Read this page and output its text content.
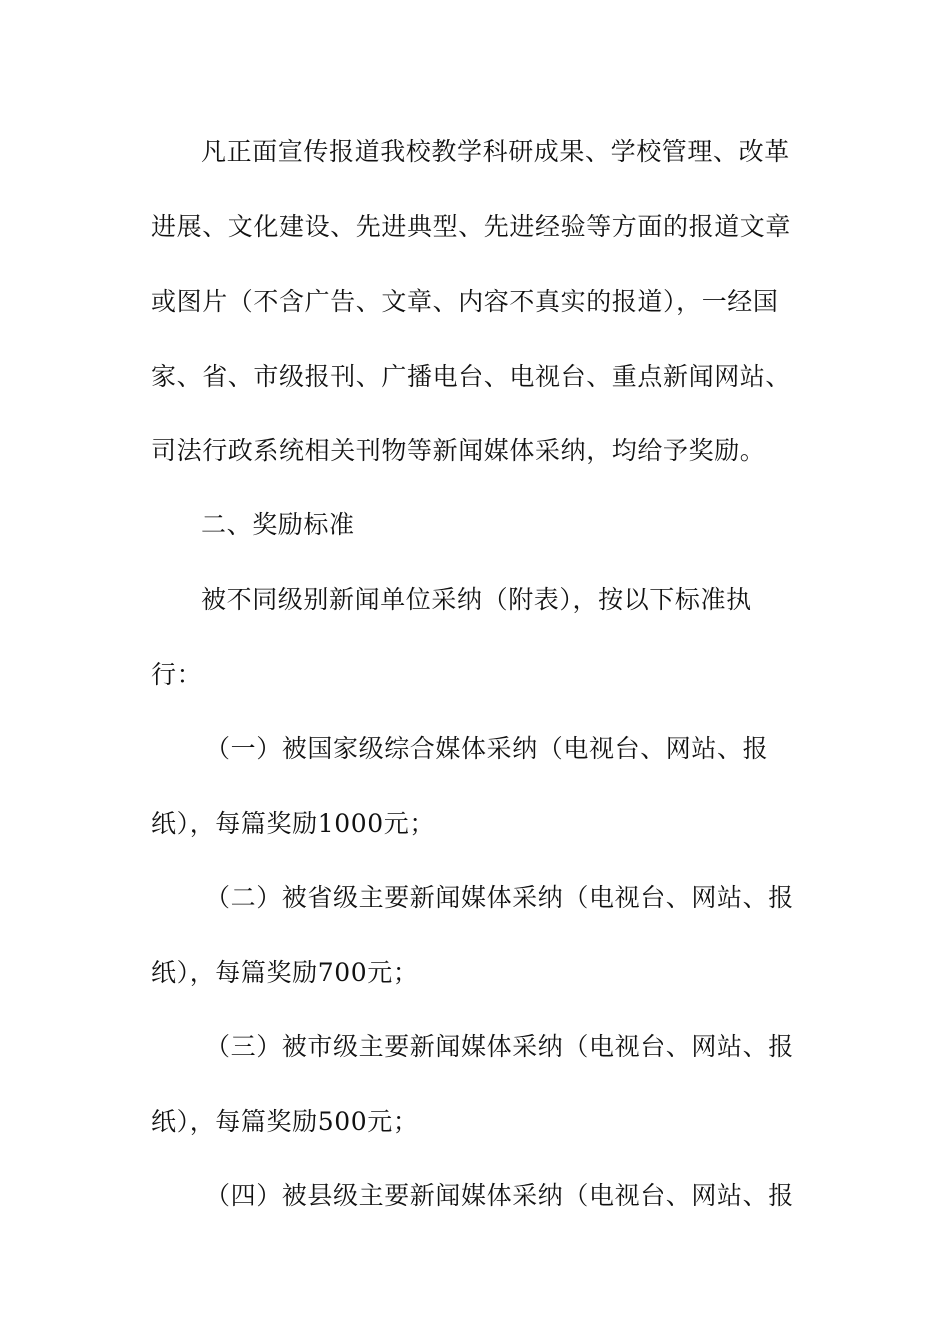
凡正面宣传报道我校教学科研成果、学校管理、改革
进展、文化建设、先进典型、先进经验等方面的报道文章
或图片（不含广告、文章、内容不真实的报道），一经国
家、省、市级报刊、广播电台、电视台、重点新闻网站、
司法行政系统相关刊物等新闻媒体采纳，均给予奖励。
二、奖励标准
被不同级别新闻单位采纳（附表），按以下标准执
行：
（一）被国家级综合媒体采纳（电视台、网站、报
纸），每篇奖励1000元；
（二）被省级主要新闻媒体采纳（电视台、网站、报
纸），每篇奖励700元；
（三）被市级主要新闻媒体采纳（电视台、网站、报
纸），每篇奖励500元；
（四）被县级主要新闻媒体采纳（电视台、网站、报
